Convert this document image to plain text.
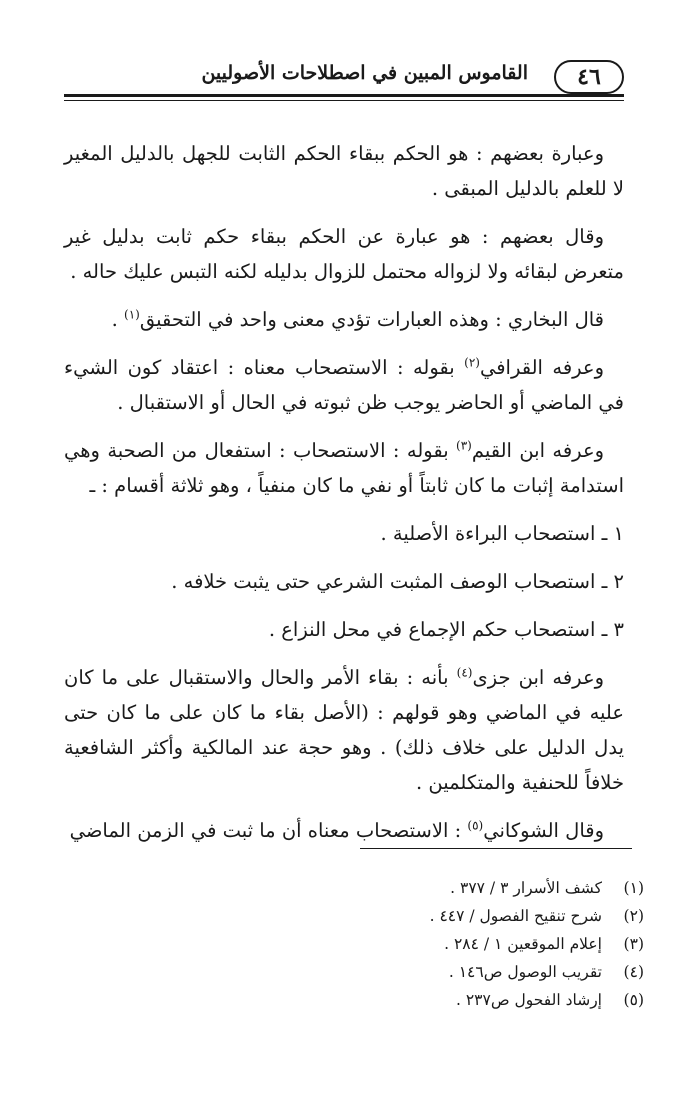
٤٦
القاموس المبين في اصطلاحات الأصوليين

وعبارة بعضهم : هو الحكم ببقاء الحكم الثابت للجهل بالدليل المغير لا للعلم بالدليل المبقى .

وقال بعضهم : هو عبارة عن الحكم ببقاء حكم ثابت بدليل غير متعرض لبقائه ولا لزواله محتمل للزوال بدليله لكنه التبس عليك حاله .

قال البخاري : وهذه العبارات تؤدي معنى واحد في التحقيق$^{(١)}$ .

وعرفه القرافي$^{(٢)}$ بقوله : الاستصحاب معناه : اعتقاد كون الشيء في الماضي أو الحاضر يوجب ظن ثبوته في الحال أو الاستقبال .

وعرفه ابن القيم$^{(٣)}$ بقوله : الاستصحاب : استفعال من الصحبة وهي استدامة إثبات ما كان ثابتاً أو نفي ما كان منفياً ، وهو ثلاثة أقسام : ـ

١ ـ استصحاب البراءة الأصلية .

٢ ـ استصحاب الوصف المثبت الشرعي حتى يثبت خلافه .

٣ ـ استصحاب حكم الإجماع في محل النزاع .

وعرفه ابن جزى$^{(٤)}$ بأنه : بقاء الأمر والحال والاستقبال على ما كان عليه في الماضي وهو قولهم : (الأصل بقاء ما كان على ما كان حتى يدل الدليل على خلاف ذلك) . وهو حجة عند المالكية وأكثر الشافعية خلافاً للحنفية والمتكلمين .

وقال الشوكاني$^{(٥)}$ : الاستصحاب معناه أن ما ثبت في الزمن الماضي

(١)كشف الأسرار ٣ / ٣٧٧ .
(٢)شرح تنقيح الفصول / ٤٤٧ .
(٣)إعلام الموقعين ١ / ٢٨٤ .
(٤)تقريب الوصول ص١٤٦ .
(٥)إرشاد الفحول ص٢٣٧ .
